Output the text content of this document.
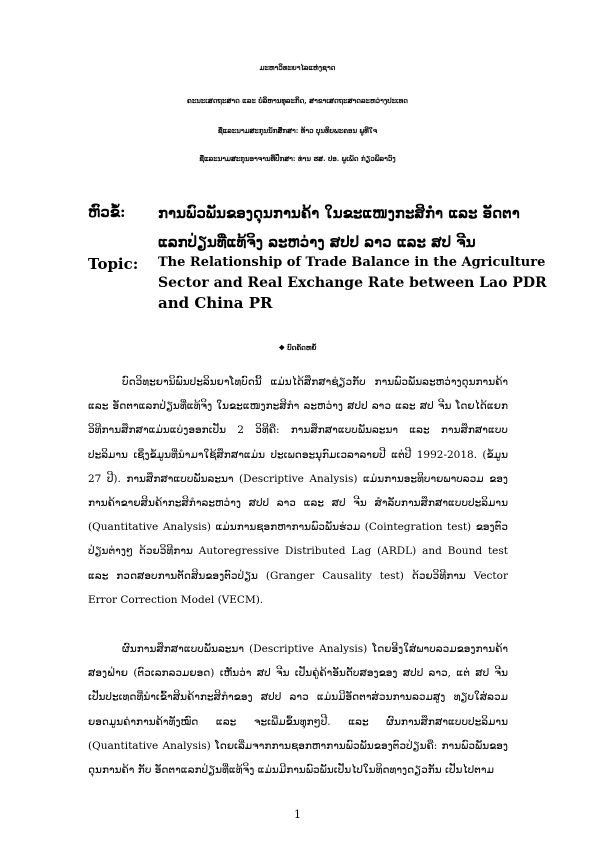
ມະຫາວິທະຍາໄລແຫ່ງຊາດ
ຄະນະເສດຖະສາດ ແລະ ບໍລິຫານທຸລະກິດ, ສາຂາເສດຖະສາດລະຫວ່າງປະເທດ
ຊື່ແລະນາມສະກຸນນັກສຶກສາ: ທ້າວ ບຸນທິບພະຄອນ ພູທີໃຈ
ຊື່ແລະນາມສະກຸນອາຈານທີ່ປຶກສາ: ທ່ານ ຮສ. ປອ. ພູເພັດ ກ່ຽວພິລາວົງ
ຫົວຂໍ້: ການພົວພັນຂອງດຸນການຄ້າ ໃນຂະແໜງກະສິກຳ ແລະ ອັດຕາ
ແລກປ່ຽນທີ່ແທ້ຈິງ ລະຫວ່າງ ສປປ ລາວ ແລະ ສປ ຈີນ
Topic: The Relationship of Trade Balance in the Agriculture
Sector and Real Exchange Rate between Lao PDR
and China PR
❖ ບົດຄັດຫຍໍ້

ບົດວິທະຍານິພົນປະລິນຍາໂທບົດນີ້ ແມ່ນໄດ້ສຶກສາຊ່ຽວກັບ ການພົວພັນລະຫວ່າງດຸນການຄ້າ ແລະ ອັດຕາແລກປ່ຽນທີ່ແທ້ຈິງ ໃນຂະແໜງກະສິກຳ ລະຫວ່າງ ສປປ ລາວ ແລະ ສປ ຈີນ ໂດຍໄດ້ແຍກວິທີການສຶກສາແມ່ນແບ່ງອອກເປັນ 2 ວິທີຄື: ການສຶກສາແບບພັນລະນາ ແລະ ການສຶກສາແບບປະລິມານ ເຊິ່ງຂໍ້ມູນທີ່ນຳມາໃຊ້ສຶກສາແມ່ນ ປະເພດອະນຸກົມເວລາລາຍປີ ແຕ່ປີ 1992-2018. (ຂໍ້ມູນ 27 ປີ). ການສຶກສາແບບພັນລະນາ (Descriptive Analysis) ແມ່ນການອະທິບາຍພາບລວມ ຂອງການຄ້າຂາຍສິນຄ້າກະສິກຳລະຫວ່າງ ສປປ ລາວ ແລະ ສປ ຈີນ ສຳລັບການສຶກສາແບບປະລິມານ (Quantitative Analysis) ແມ່ນການຊອກຫາການພົວພັນຮ່ວມ (Cointegration test) ຂອງຕົວປ່ຽນຕ່າງໆ ດ້ວຍວິທີການ Autoregressive Distributed Lag (ARDL) and Bound test ແລະ ກວດສອບການຕັດສິນຂອງຕົວປ່ຽນ (Granger Causality test) ດ້ວຍວິທີການ Vector Error Correction Model (VECM).

ຜົນການສຶກສາແບບພັນລະນາ (Descriptive Analysis) ໂດຍອີງໃສ່ພາບລວມຂອງການຄ້າສອງຝ່າຍ (ຕົວເລກລວມຍອດ) ເຫັນວ່າ ສປ ຈີນ ເປັນຄູ່ຄ້າອັນດັບສອງຂອງ ສປປ ລາວ, ແຕ່ ສປ ຈີນ ເປັນປະເທດທີ່ນຳເຂົ້າສິນຄ້າກະສິກຳຂອງ ສປປ ລາວ ແມ່ນມີອັດຕາສ່ວນການລວມສູງ ທຽບໃສ່ລວມຍອດມູນຄ່າການຄ້າທັງໝົດ ແລະ ຈະເພີ່ມຂຶ້ນທຸກໆປີ. ແລະ ຜົນການສຶກສາແບບປະລິມານ (Quantitative Analysis) ໂດຍເລີ່ມຈາກການຊອກຫາການພົວພັນຂອງຕົວປ່ຽນຄື: ການພົວພັນຂອງດຸນການຄ້າ ກັບ ອັດຕາແລກປ່ຽນທີ່ແທ້ຈິງ ແມ່ນມີການພົວພັນເປັນໄປໃນທິດທາງດຽວກັນ ເປັນໄປຕາມ

1
